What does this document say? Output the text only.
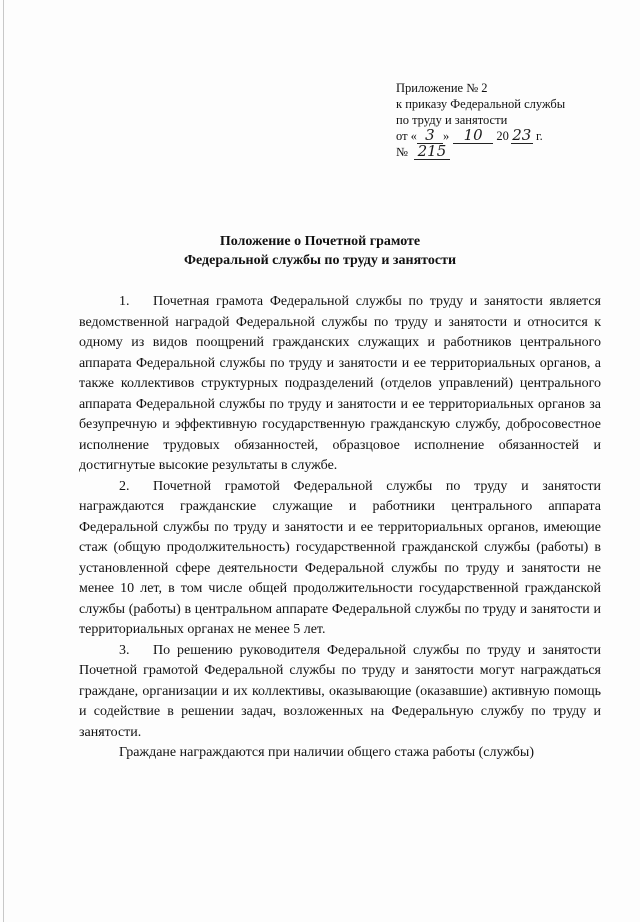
Приложение № 2
к приказу Федеральной службы
по труду и занятости
от « 3 » 10 20 23 г.
№ 215
Положение о Почетной грамоте
Федеральной службы по труду и занятости

1. Почетная грамота Федеральной службы по труду и занятости является ведомственной наградой Федеральной службы по труду и занятости и относится к одному из видов поощрений гражданских служащих и работников центрального аппарата Федеральной службы по труду и занятости и ее территориальных органов, а также коллективов структурных подразделений (отделов управлений) центрального аппарата Федеральной службы по труду и занятости и ее территориальных органов за безупречную и эффективную государственную гражданскую службу, добросовестное исполнение трудовых обязанностей, образцовое исполнение обязанностей и достигнутые высокие результаты в службе.

2. Почетной грамотой Федеральной службы по труду и занятости награждаются гражданские служащие и работники центрального аппарата Федеральной службы по труду и занятости и ее территориальных органов, имеющие стаж (общую продолжительность) государственной гражданской службы (работы) в установленной сфере деятельности Федеральной службы по труду и занятости не менее 10 лет, в том числе общей продолжительности государственной гражданской службы (работы) в центральном аппарате Федеральной службы по труду и занятости и территориальных органах не менее 5 лет.

3. По решению руководителя Федеральной службы по труду и занятости Почетной грамотой Федеральной службы по труду и занятости могут награждаться граждане, организации и их коллективы, оказывающие (оказавшие) активную помощь и содействие в решении задач, возложенных на Федеральную службу по труду и занятости.

Граждане награждаются при наличии общего стажа работы (службы)
